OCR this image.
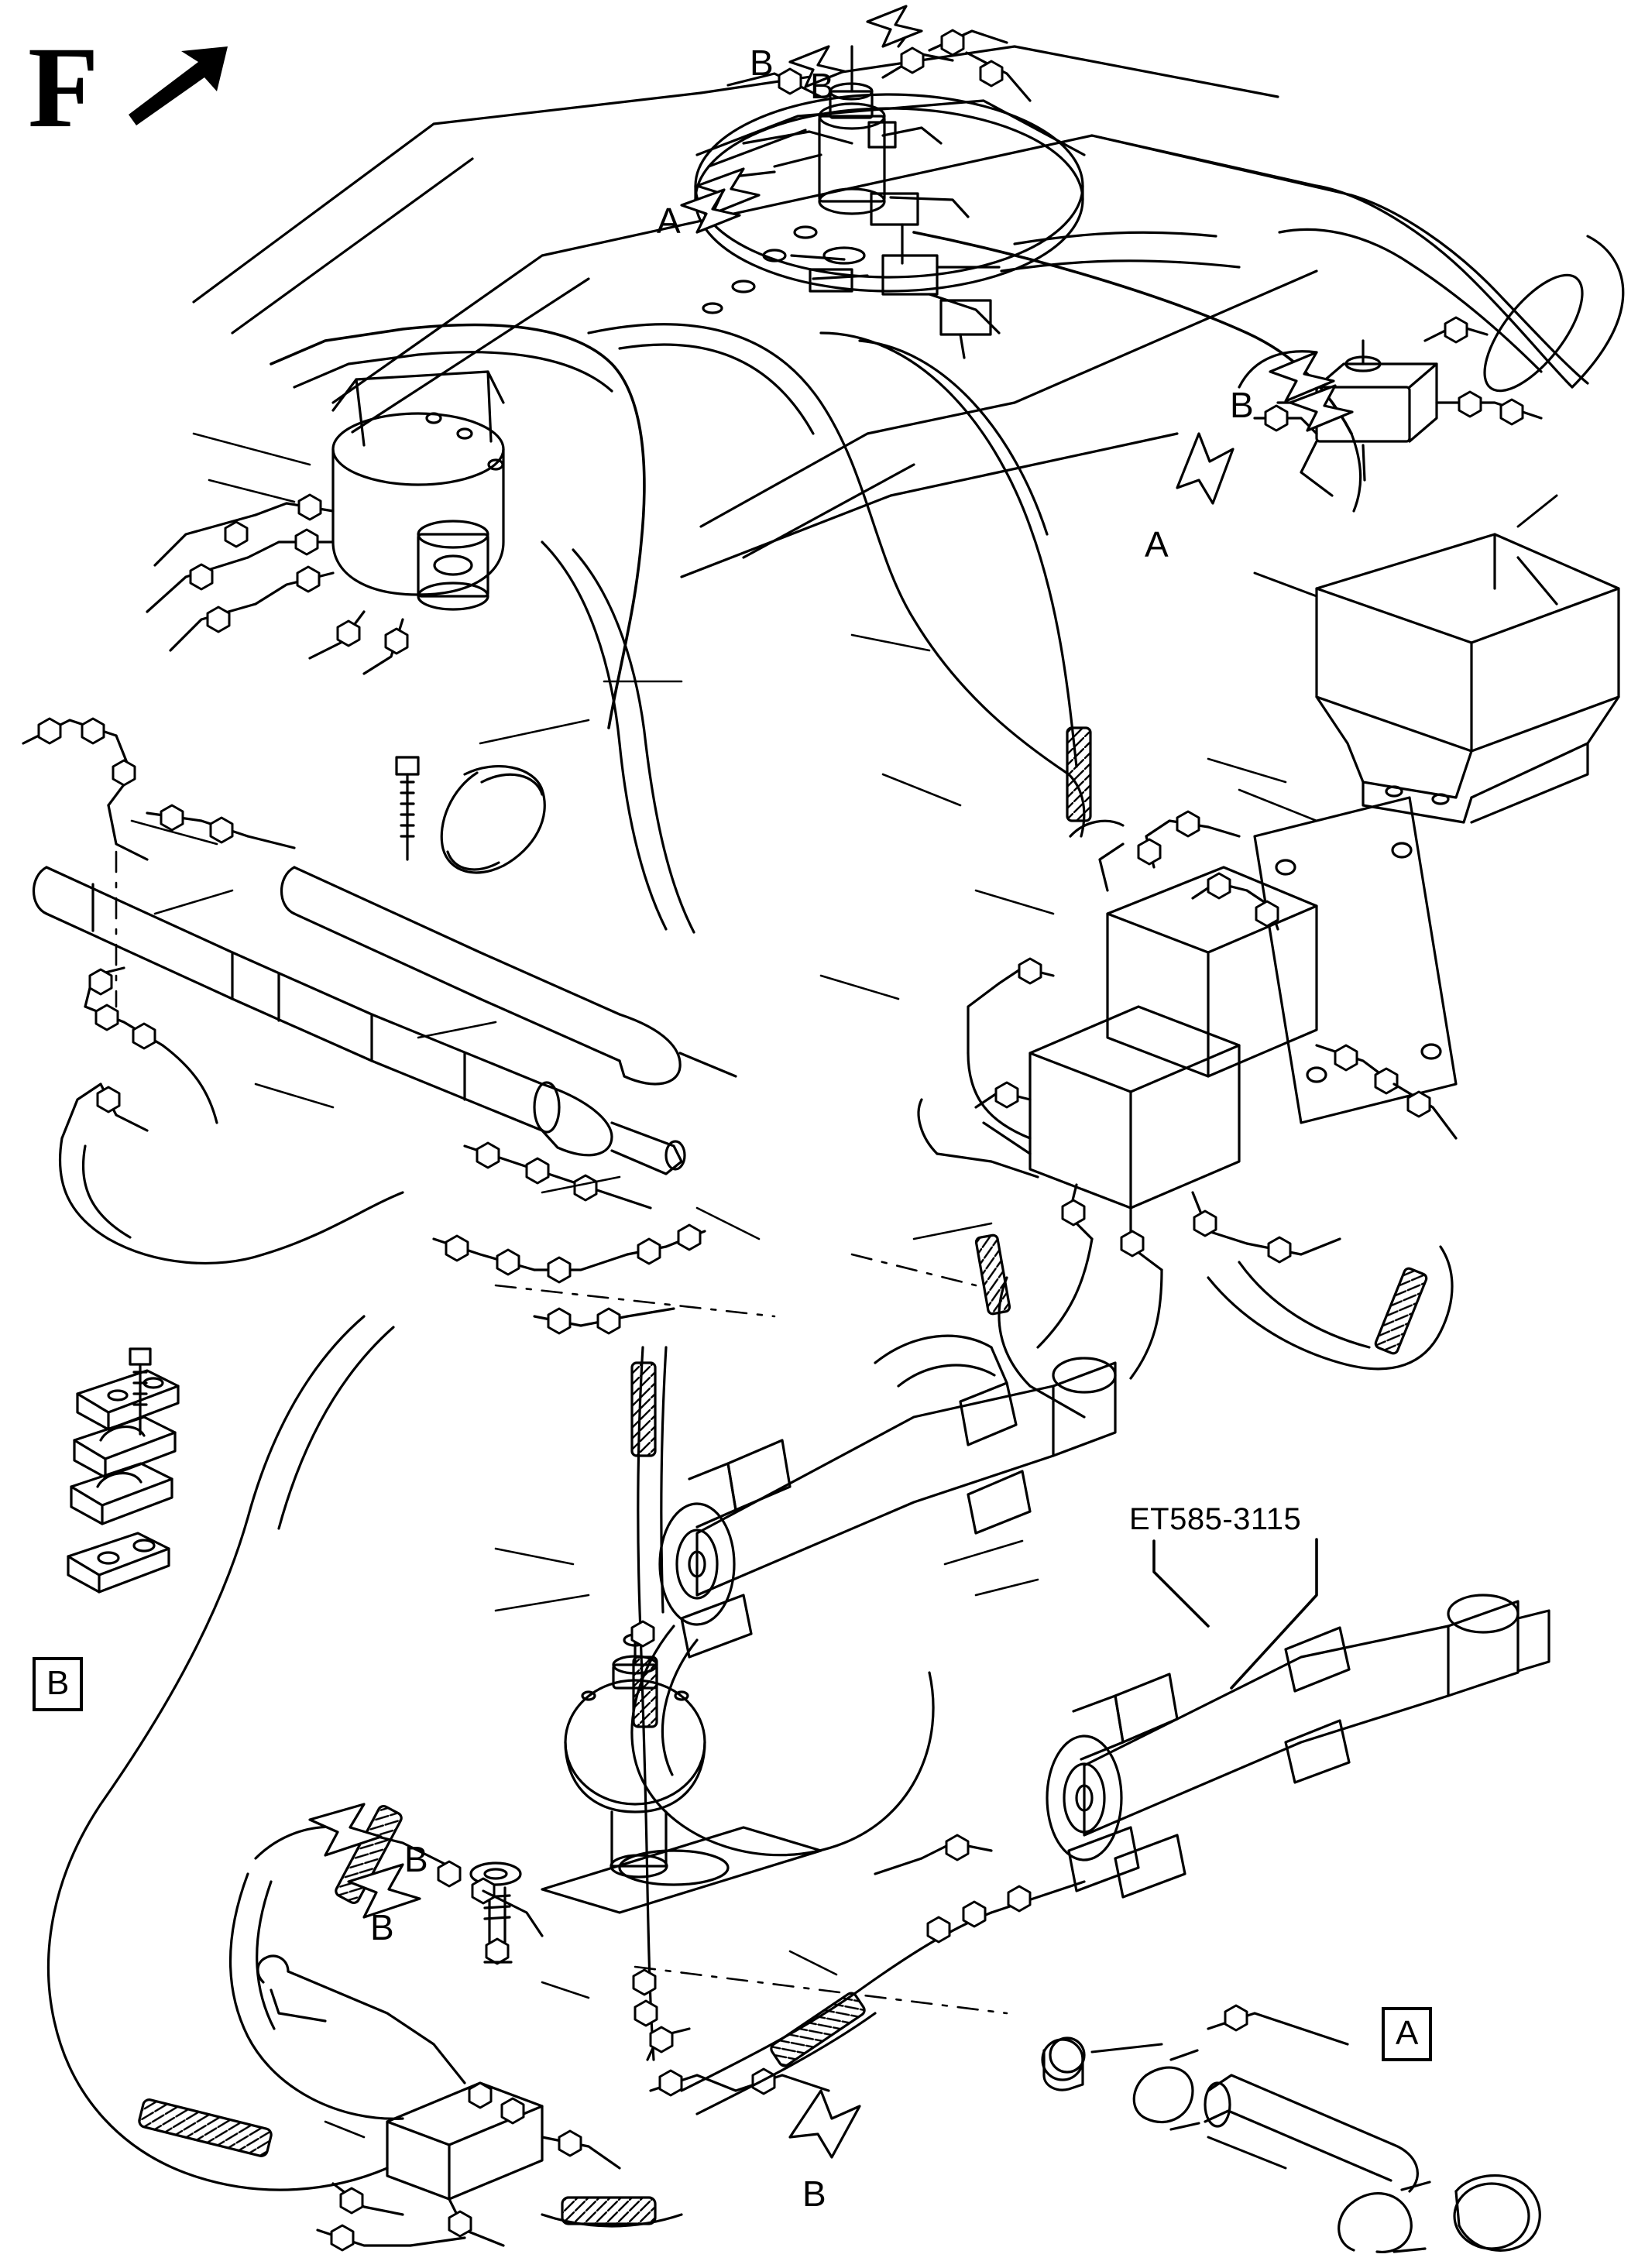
F	B
B
A
B
A
ET585-3115
B
A
B
B
B
